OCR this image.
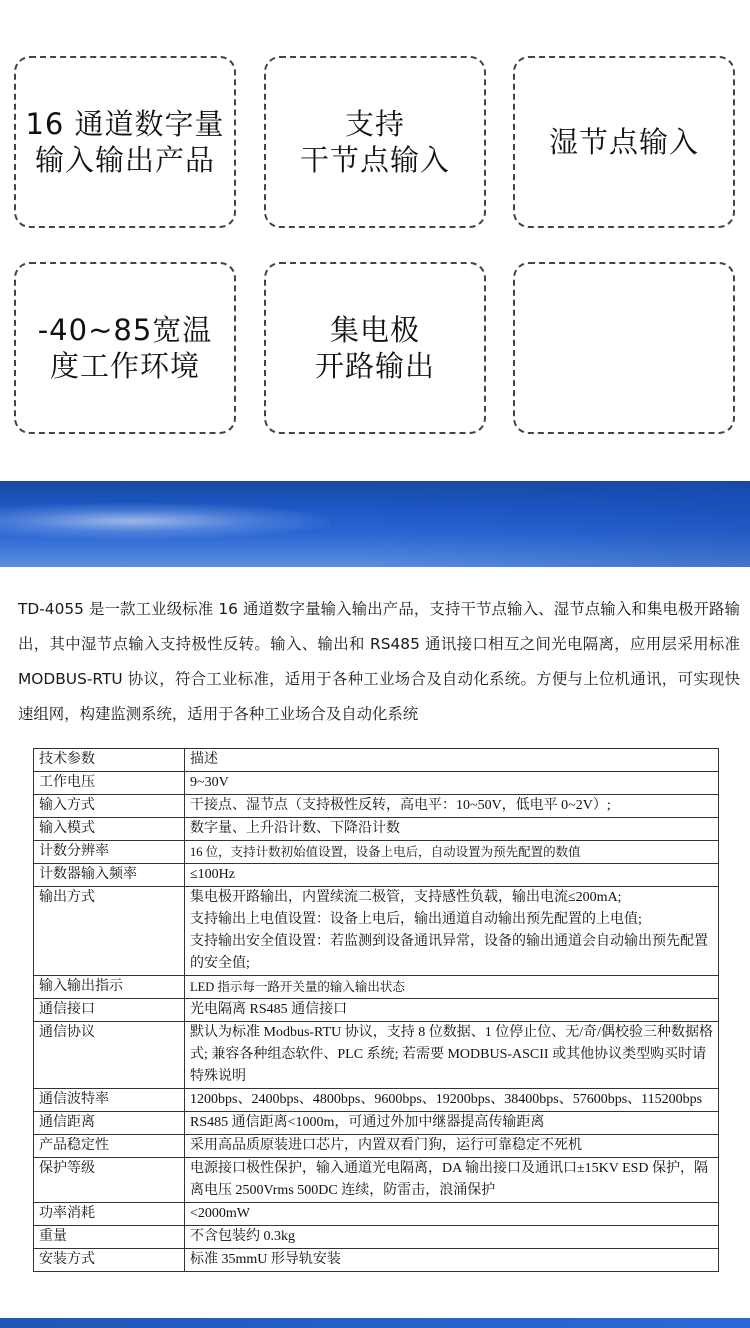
16 通道数字量
输入输出产品
支持
干节点输入
湿节点输入
-40~85宽温
度工作环境
集电极
开路输出
TD-4055 是一款工业级标准 16 通道数字量输入输出产品，支持干节点输入、湿节点输入和集电极开路输出，其中湿节点输入支持极性反转。输入、输出和 RS485 通讯接口相互之间光电隔离，应用层采用标准 MODBUS-RTU 协议，符合工业标准，适用于各种工业场合及自动化系统。方便与上位机通讯，可实现快速组网，构建监测系统，适用于各种工业场合及自动化系统
技术参数	描述
工作电压	9~30V
输入方式	干接点、湿节点（支持极性反转，高电平：10~50V，低电平 0~2V）;
输入模式	数字量、上升沿计数、下降沿计数
计数分辨率	16 位，支持计数初始值设置，设备上电后，自动设置为预先配置的数值
计数器输入频率	≤100Hz
输出方式	集电极开路输出，内置续流二极管，支持感性负载，输出电流≤200mA;
支持输出上电值设置：设备上电后，输出通道自动输出预先配置的上电值;
支持输出安全值设置：若监测到设备通讯异常，设备的输出通道会自动输出预先配置的安全值;
输入输出指示	LED 指示每一路开关量的输入输出状态
通信接口	光电隔离 RS485 通信接口
通信协议	默认为标准 Modbus-RTU 协议，支持 8 位数据、1 位停止位、无/奇/偶校验三种数据格式; 兼容各种组态软件、PLC 系统; 若需要 MODBUS-ASCII 或其他协议类型购买时请特殊说明
通信波特率	1200bps、2400bps、4800bps、9600bps、19200bps、38400bps、57600bps、115200bps
通信距离	RS485 通信距离<1000m，可通过外加中继器提高传输距离
产品稳定性	采用高品质原装进口芯片，内置双看门狗，运行可靠稳定不死机
保护等级	电源接口极性保护，输入通道光电隔离，DA 输出接口及通讯口±15KV ESD 保护，隔离电压 2500Vrms 500DC 连续，防雷击，浪涌保护
功率消耗	<2000mW
重量	不含包装约 0.3kg
安装方式	标准 35mmU 形导轨安装
